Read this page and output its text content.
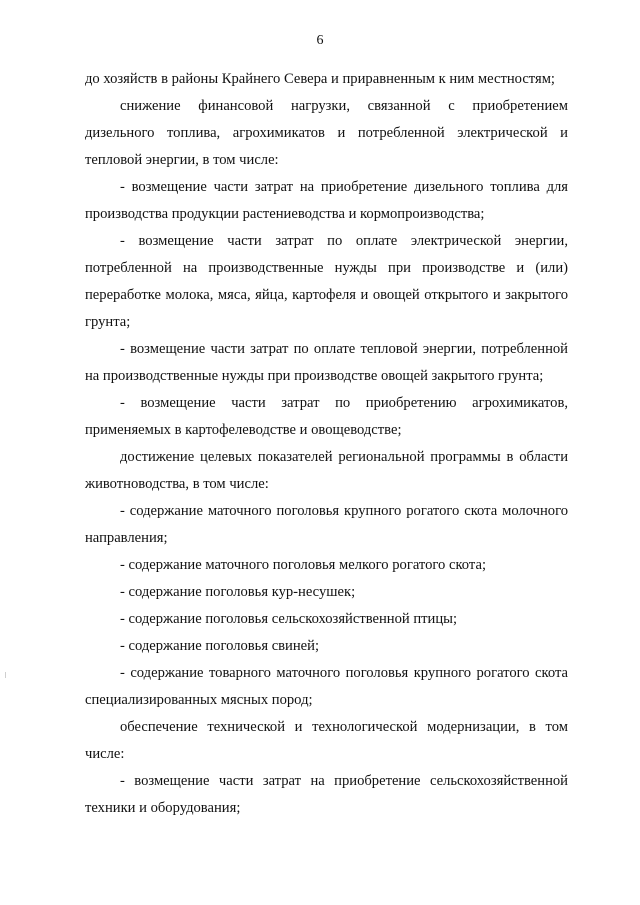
6

до хозяйств в районы Крайнего Севера и приравненным к ним местностям;

снижение финансовой нагрузки, связанной с приобретением дизельного топлива, агрохимикатов и потребленной электрической и тепловой энергии, в том числе:

- возмещение части затрат на приобретение дизельного топлива для производства продукции растениеводства и кормопроизводства;

- возмещение части затрат по оплате электрической энергии, потребленной на производственные нужды при производстве и (или) переработке молока, мяса, яйца, картофеля и овощей открытого и закрытого грунта;

- возмещение части затрат по оплате тепловой энергии, потребленной на производственные нужды при производстве овощей закрытого грунта;

- возмещение части затрат по приобретению агрохимикатов, применяемых в картофелеводстве и овощеводстве;

достижение целевых показателей региональной программы в области животноводства, в том числе:

- содержание маточного поголовья крупного рогатого скота молочного направления;

- содержание маточного поголовья мелкого рогатого скота;

- содержание поголовья кур-несушек;

- содержание поголовья сельскохозяйственной птицы;

- содержание поголовья свиней;

- содержание товарного маточного поголовья крупного рогатого скота специализированных мясных пород;

обеспечение технической и технологической модернизации, в том числе:

- возмещение части затрат на приобретение сельскохозяйственной техники и оборудования;
